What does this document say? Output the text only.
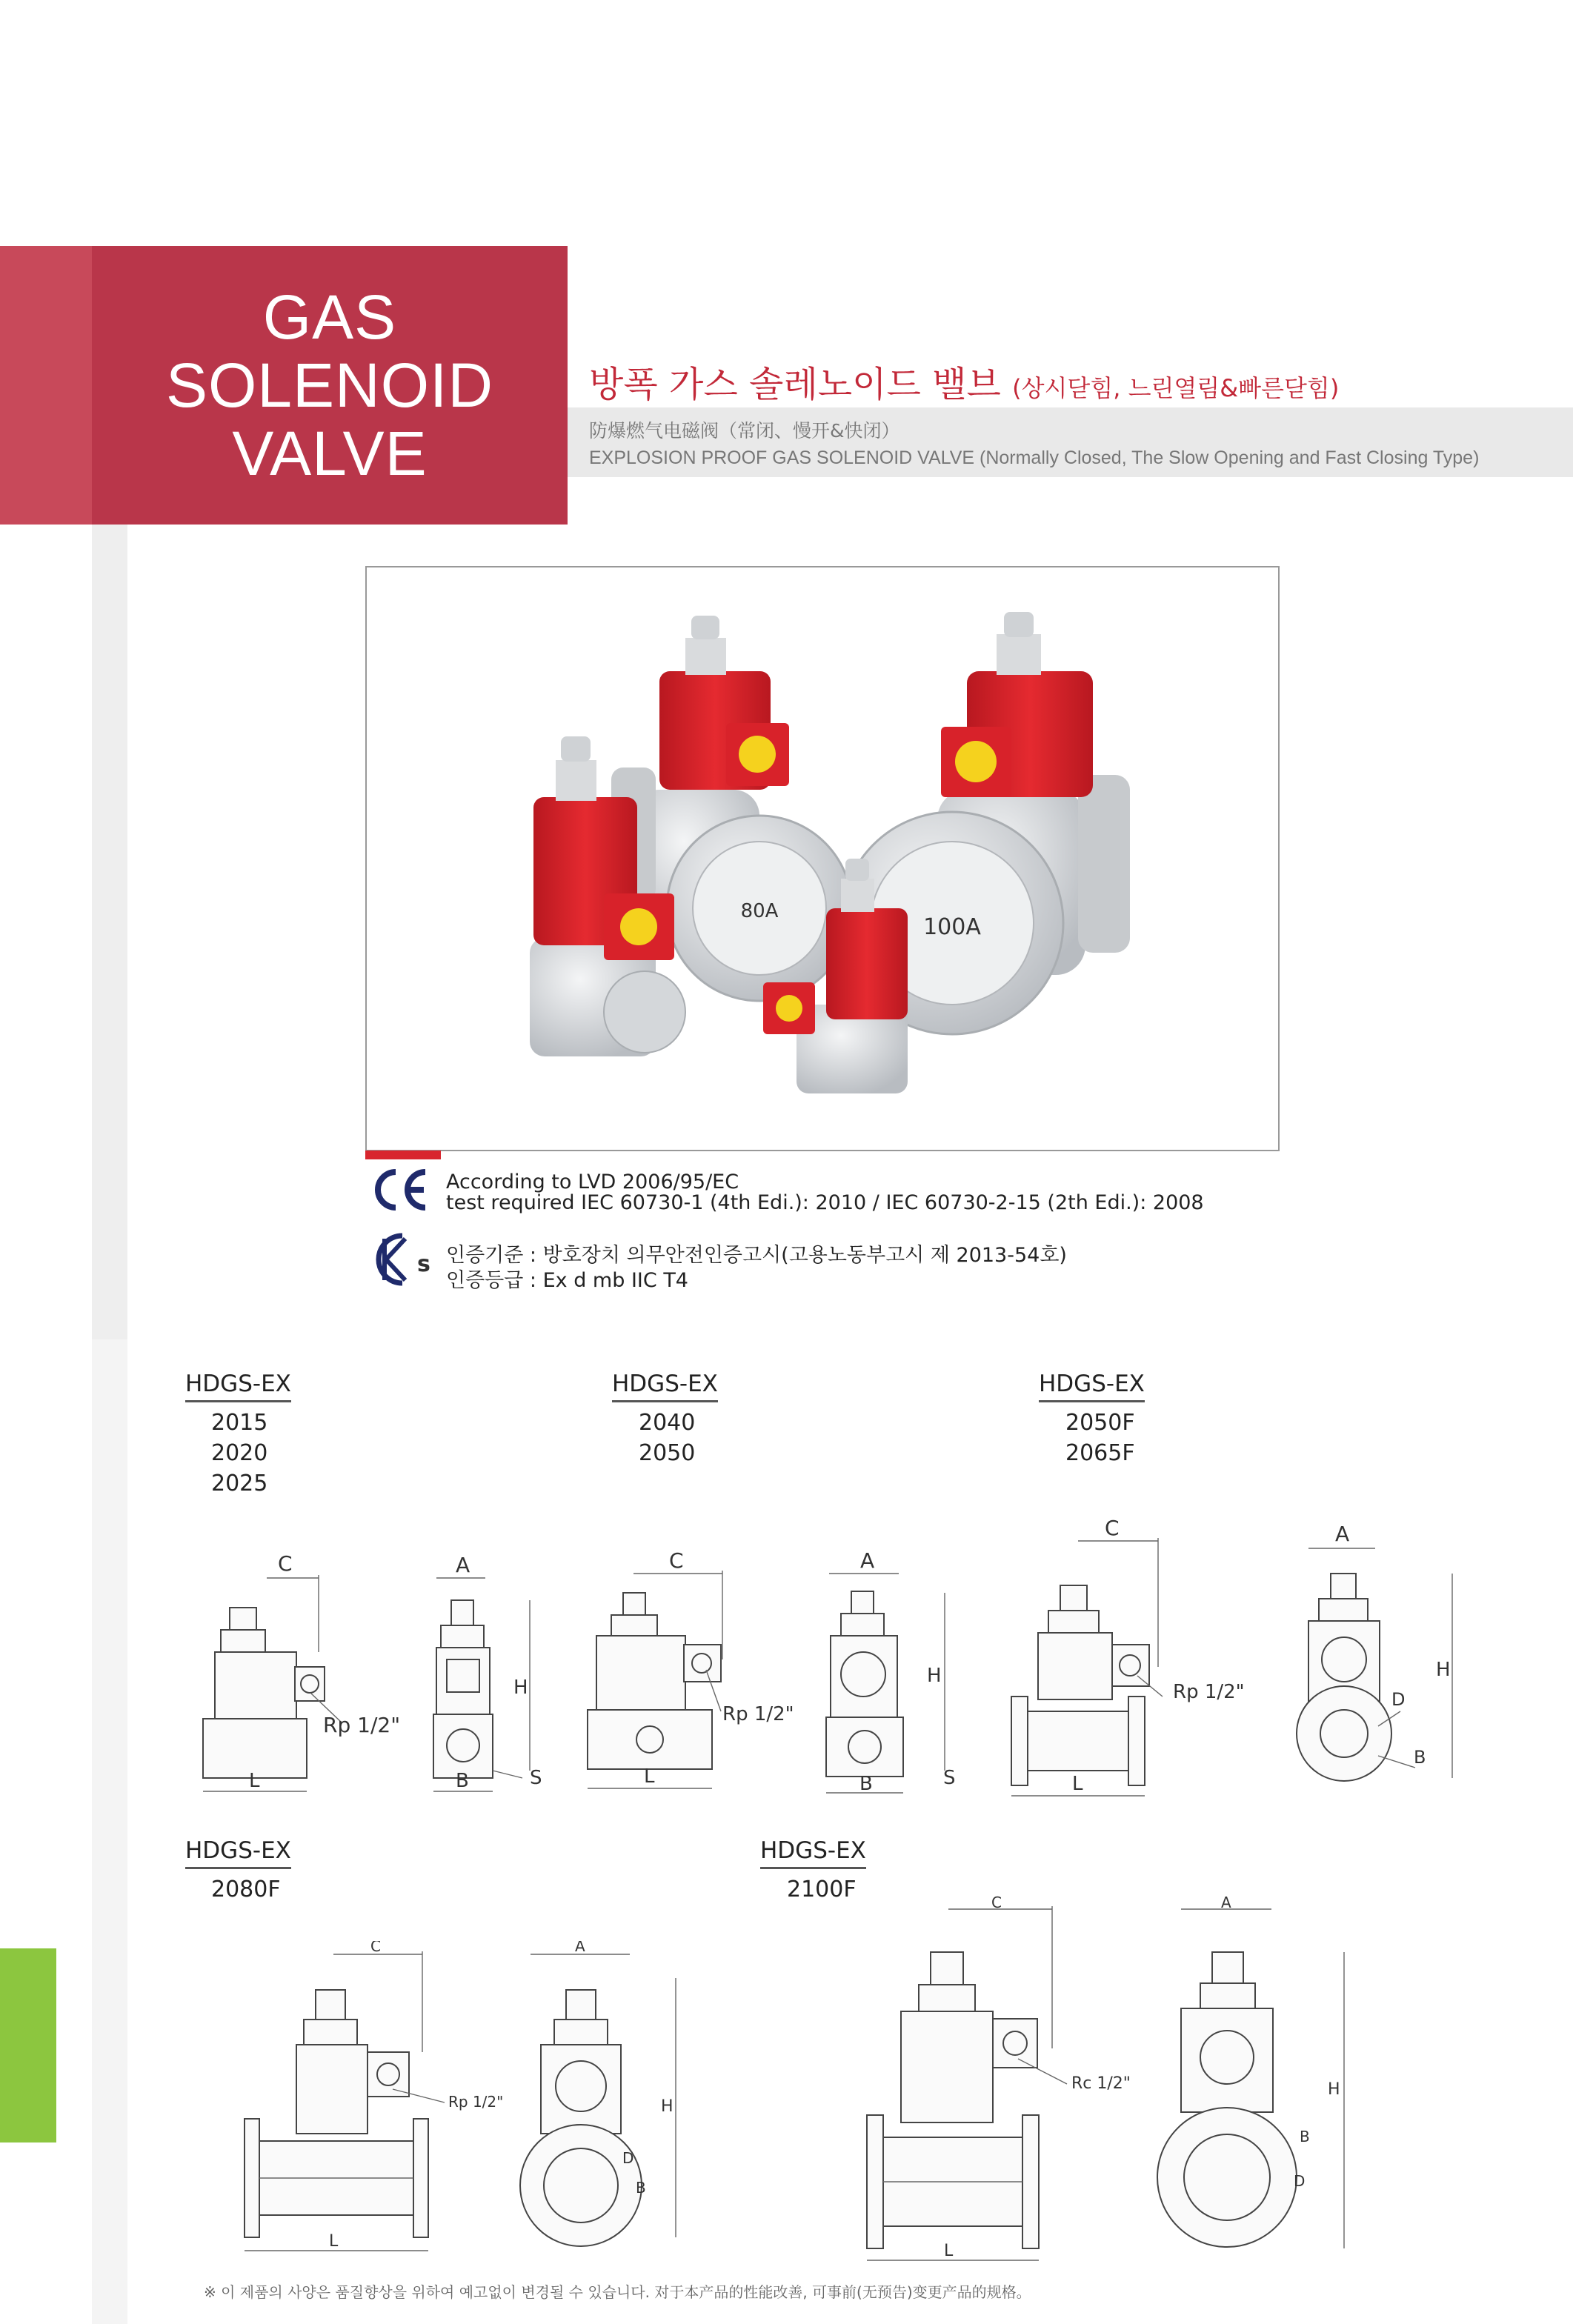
GAS SOLENOID
VALVE
방폭 가스 솔레노이드 밸브 (상시닫힘, 느린열림&빠른닫힘)
防爆燃气电磁阀（常闭、慢开&快闭）
EXPLOSION PROOF GAS SOLENOID VALVE (Normally Closed, The Slow Opening and Fast Closing Type)
100A
80A
According to LVD 2006/95/EC
test required IEC 60730-1 (4th Edi.): 2010 / IEC 60730-2-15 (2th Edi.): 2008
s 인증기준 : 방호장치 의무안전인증고시(고용노동부고시 제 2013-54호)
인증등급 : Ex d mb IIC T4
HDGS-EX
2015
2020
2025
HDGS-EX
2040
2050
HDGS-EX
2050F
2065F
C
Rp 1/2"
L
A
H
B	S
C
Rp 1/2"
L
A
H
B	S
C
Rp 1/2"
L
A
H
D
B
HDGS-EX
2080F
HDGS-EX
2100F
C
Rp 1/2"
L
A
H
D
B
C
Rc 1/2"
L
A
H
B
D
※ 이 제품의 사양은 품질향상을 위하여 예고없이 변경될 수 있습니다. 对于本产品的性能改善, 可事前(无预告)变更产品的规格。
